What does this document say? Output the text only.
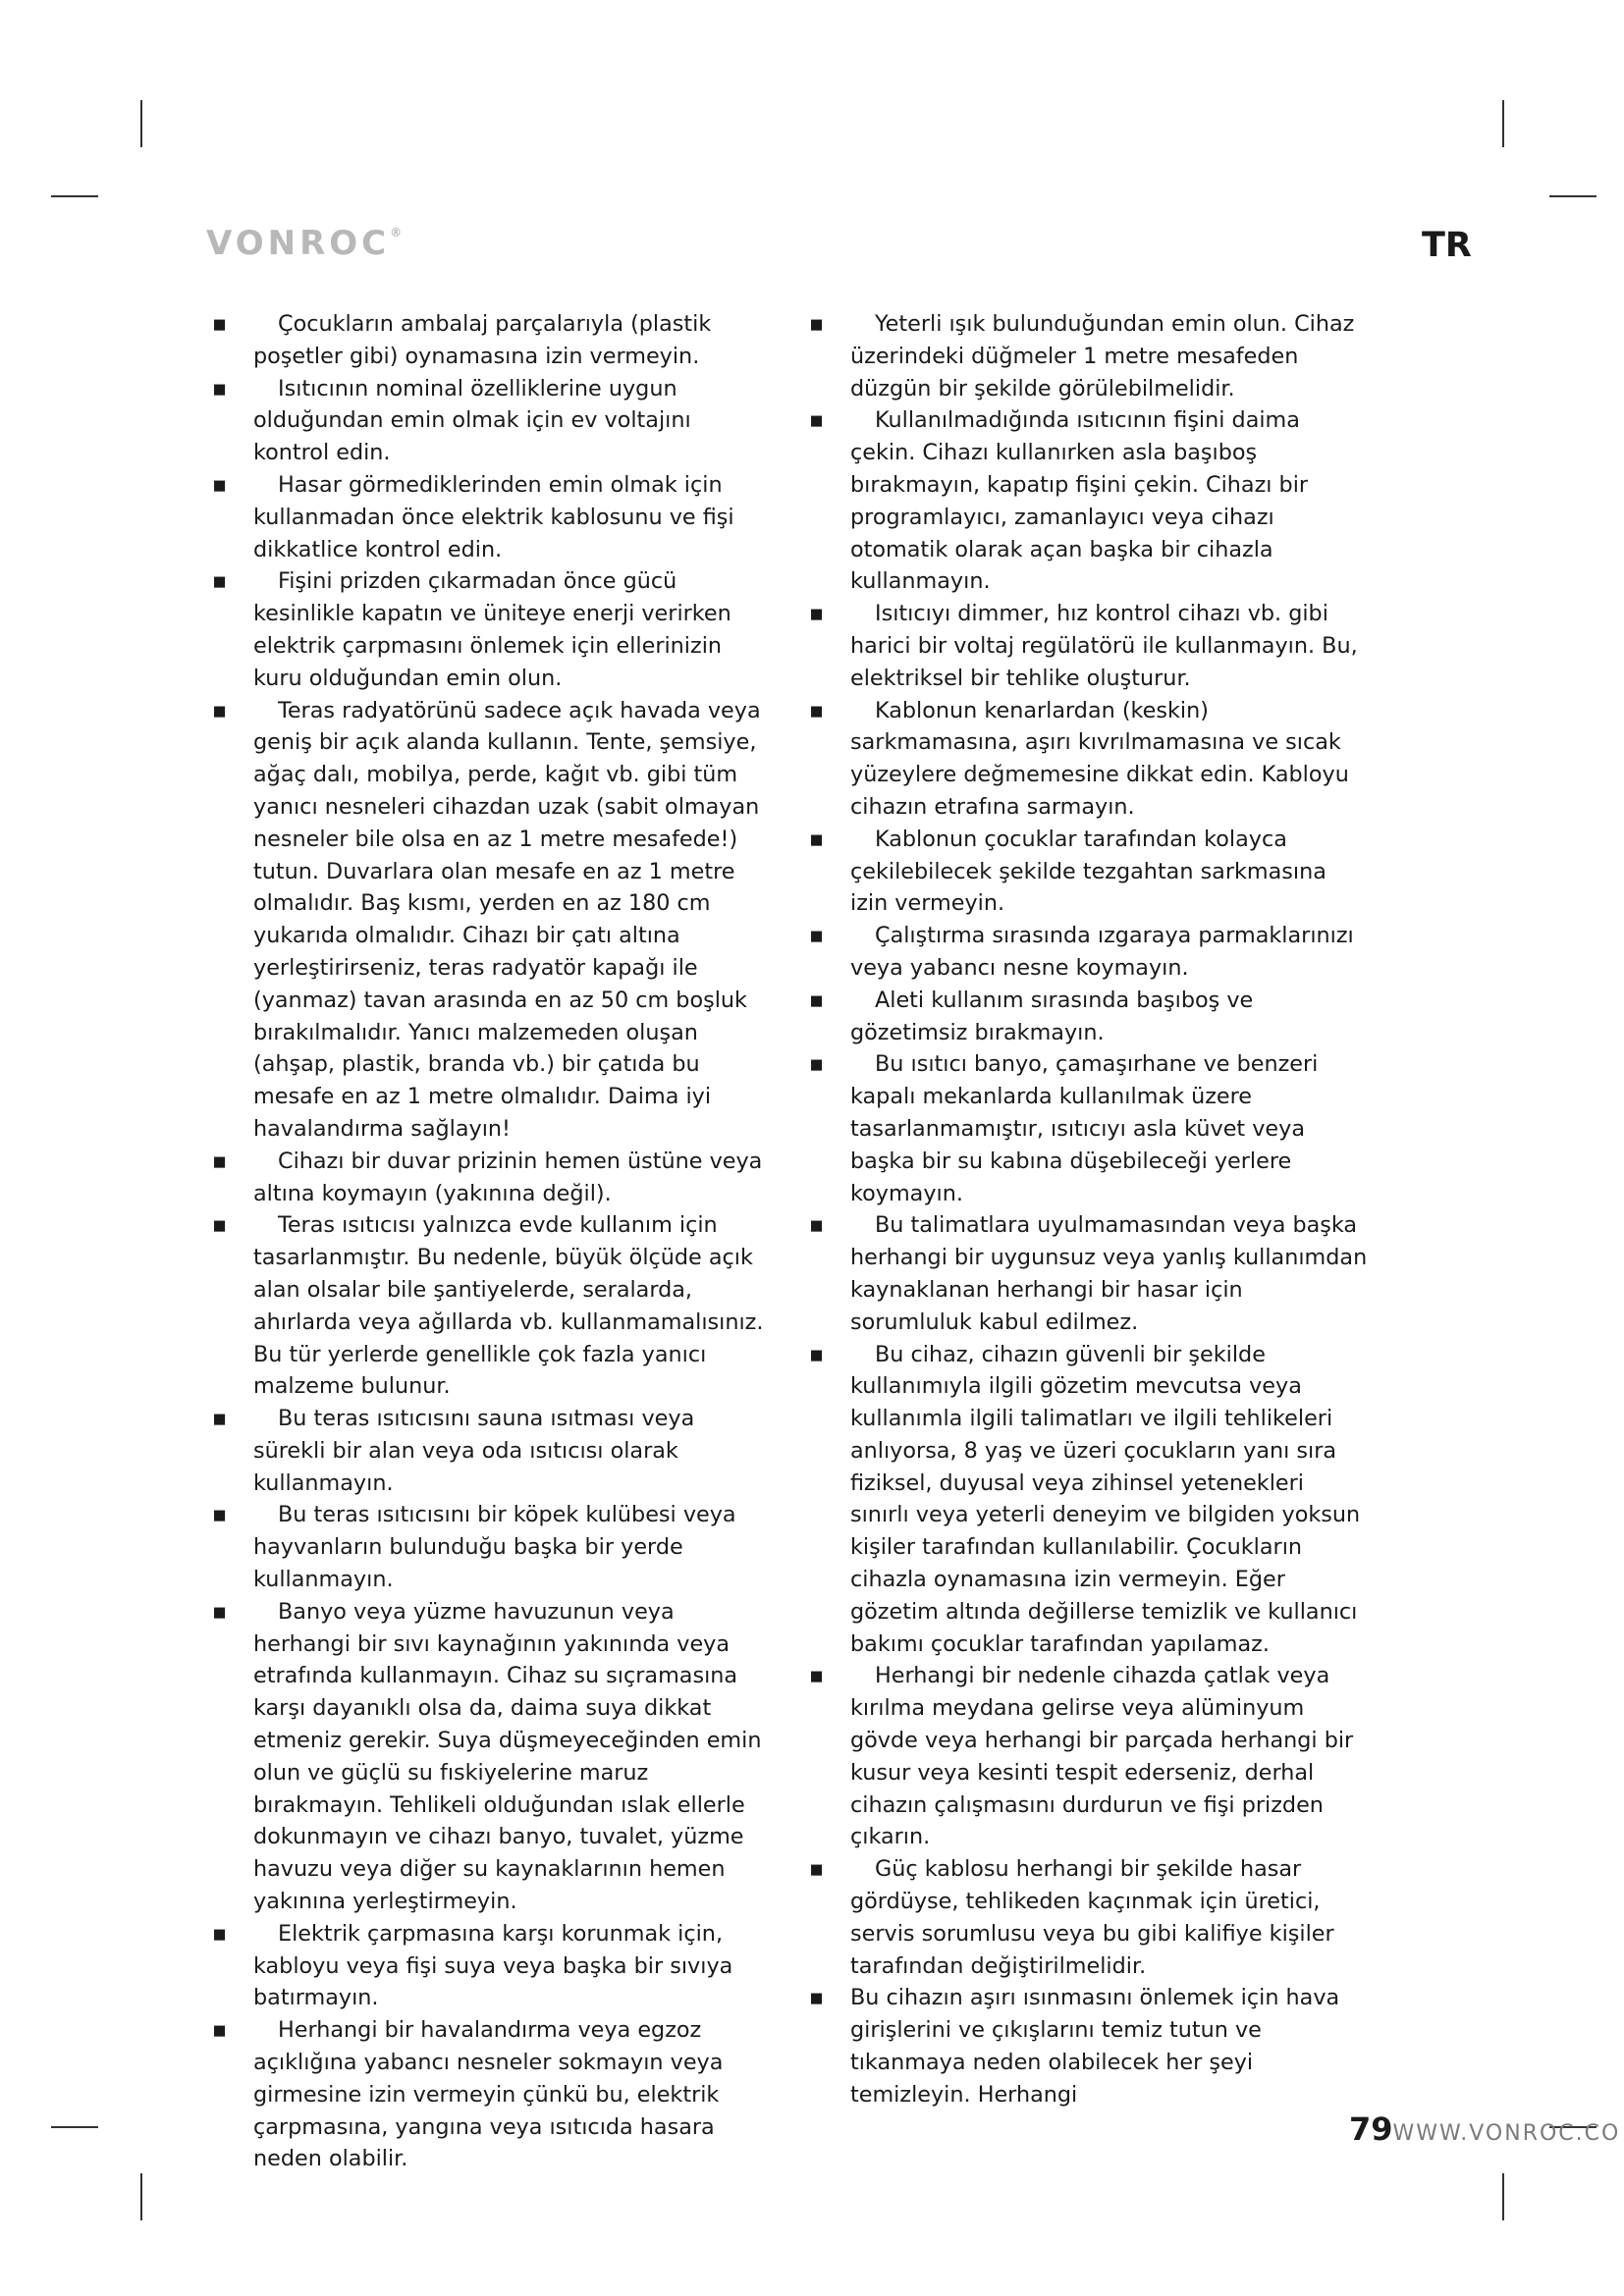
VONROC®	TR
▪	Çocukların ambalaj parçalarıyla (plastik poşetler gibi) oynamasına izin vermeyin.
▪	Isıtıcının nominal özelliklerine uygun olduğundan emin olmak için ev voltajını kontrol edin.
▪	Hasar görmediklerinden emin olmak için kullanmadan önce elektrik kablosunu ve fişi dikkatlice kontrol edin.
▪	Fişini prizden çıkarmadan önce gücü kesinlikle kapatın ve üniteye enerji verirken elektrik çarpmasını önlemek için ellerinizin kuru olduğundan emin olun.
▪	Teras radyatörünü sadece açık havada veya geniş bir açık alanda kullanın. Tente, şemsiye, ağaç dalı, mobilya, perde, kağıt vb. gibi tüm yanıcı nesneleri cihazdan uzak (sabit olmayan nesneler bile olsa en az 1 metre mesafede!) tutun. Duvarlara olan mesafe en az 1 metre olmalıdır. Baş kısmı, yerden en az 180 cm yukarıda olmalıdır. Cihazı bir çatı altına yerleştirirseniz, teras radyatör kapağı ile (yanmaz) tavan arasında en az 50 cm boşluk bırakılmalıdır. Yanıcı malzemeden oluşan (ahşap, plastik, branda vb.) bir çatıda bu mesafe en az 1 metre olmalıdır. Daima iyi havalandırma sağlayın!
▪	Cihazı bir duvar prizinin hemen üstüne veya altına koymayın (yakınına değil).
▪	Teras ısıtıcısı yalnızca evde kullanım için tasarlanmıştır. Bu nedenle, büyük ölçüde açık alan olsalar bile şantiyelerde, seralarda, ahırlarda veya ağıllarda vb. kullanmamalısınız. Bu tür yerlerde genellikle çok fazla yanıcı malzeme bulunur.
▪	Bu teras ısıtıcısını sauna ısıtması veya sürekli bir alan veya oda ısıtıcısı olarak kullanmayın.
▪	Bu teras ısıtıcısını bir köpek kulübesi veya hayvanların bulunduğu başka bir yerde kullanmayın.
▪	Banyo veya yüzme havuzunun veya herhangi bir sıvı kaynağının yakınında veya etrafında kullanmayın. Cihaz su sıçramasına karşı dayanıklı olsa da, daima suya dikkat etmeniz gerekir. Suya düşmeyeceğinden emin olun ve güçlü su fıskiyelerine maruz bırakmayın. Tehlikeli olduğundan ıslak ellerle dokunmayın ve cihazı banyo, tuvalet, yüzme havuzu veya diğer su kaynaklarının hemen yakınına yerleştirmeyin.
▪	Elektrik çarpmasına karşı korunmak için, kabloyu veya fişi suya veya başka bir sıvıya batırmayın.
▪	Herhangi bir havalandırma veya egzoz açıklığına yabancı nesneler sokmayın veya girmesine izin vermeyin çünkü bu, elektrik çarpmasına, yangına veya ısıtıcıda hasara neden olabilir.
▪	Yeterli ışık bulunduğundan emin olun. Cihaz üzerindeki düğmeler 1 metre mesafeden düzgün bir şekilde görülebilmelidir.
▪	Kullanılmadığında ısıtıcının fişini daima çekin. Cihazı kullanırken asla başıboş bırakmayın, kapatıp fişini çekin. Cihazı bir programlayıcı, zamanlayıcı veya cihazı otomatik olarak açan başka bir cihazla kullanmayın.
▪	Isıtıcıyı dimmer, hız kontrol cihazı vb. gibi harici bir voltaj regülatörü ile kullanmayın. Bu, elektriksel bir tehlike oluşturur.
▪	Kablonun kenarlardan (keskin) sarkmamasına, aşırı kıvrılmamasına ve sıcak yüzeylere değmemesine dikkat edin. Kabloyu cihazın etrafına sarmayın.
▪	Kablonun çocuklar tarafından kolayca çekilebilecek şekilde tezgahtan sarkmasına izin vermeyin.
▪	Çalıştırma sırasında ızgaraya parmaklarınızı veya yabancı nesne koymayın.
▪	Aleti kullanım sırasında başıboş ve gözetimsiz bırakmayın.
▪	Bu ısıtıcı banyo, çamaşırhane ve benzeri kapalı mekanlarda kullanılmak üzere tasarlanmamıştır, ısıtıcıyı asla küvet veya başka bir su kabına düşebileceği yerlere koymayın.
▪	Bu talimatlara uyulmamasından veya başka herhangi bir uygunsuz veya yanlış kullanımdan kaynaklanan herhangi bir hasar için sorumluluk kabul edilmez.
▪	Bu cihaz, cihazın güvenli bir şekilde kullanımıyla ilgili gözetim mevcutsa veya kullanımla ilgili talimatları ve ilgili tehlikeleri anlıyorsa, 8 yaş ve üzeri çocukların yanı sıra fiziksel, duyusal veya zihinsel yetenekleri sınırlı veya yeterli deneyim ve bilgiden yoksun kişiler tarafından kullanılabilir. Çocukların cihazla oynamasına izin vermeyin. Eğer gözetim altında değillerse temizlik ve kullanıcı bakımı çocuklar tarafından yapılamaz.
▪	Herhangi bir nedenle cihazda çatlak veya kırılma meydana gelirse veya alüminyum gövde veya herhangi bir parçada herhangi bir kusur veya kesinti tespit ederseniz, derhal cihazın çalışmasını durdurun ve fişi prizden çıkarın.
▪	Güç kablosu herhangi bir şekilde hasar gördüyse, tehlikeden kaçınmak için üretici, servis sorumlusu veya bu gibi kalifiye kişiler tarafından değiştirilmelidir.
▪ Bu cihazın aşırı ısınmasını önlemek için hava girişlerini ve çıkışlarını temiz tutun ve tıkanmaya neden olabilecek her şeyi temizleyin. Herhangi
79WWW.VONROC.CO
